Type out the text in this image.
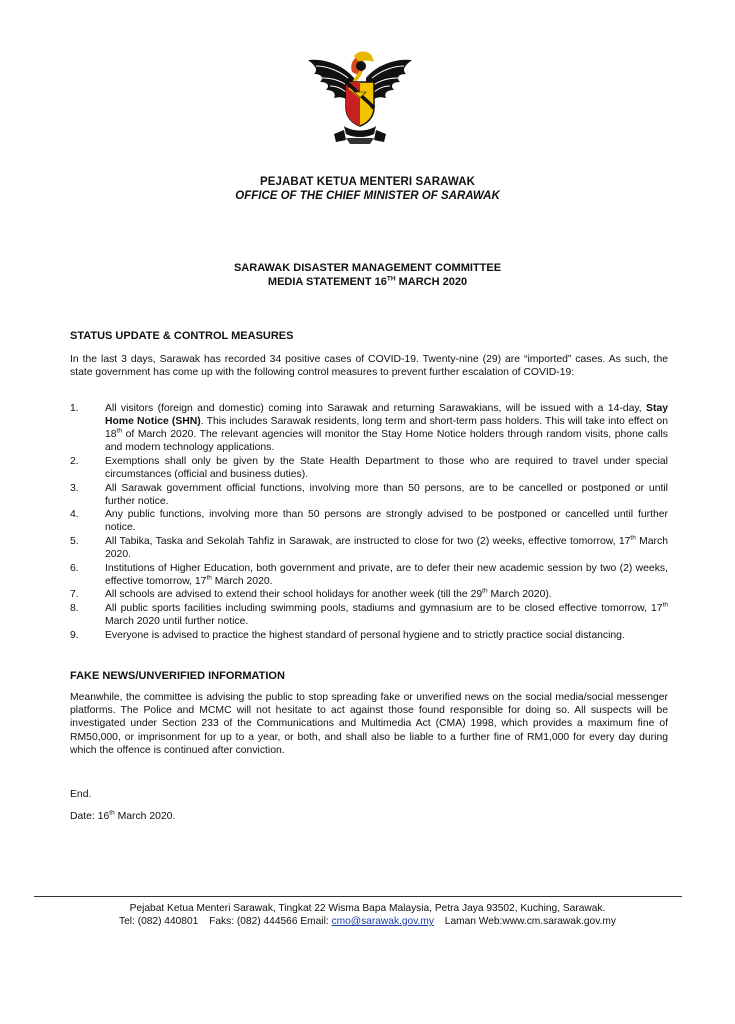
PEJABAT KETUA MENTERI SARAWAK
OFFICE OF THE CHIEF MINISTER OF SARAWAK
SARAWAK DISASTER MANAGEMENT COMMITTEE
MEDIA STATEMENT 16TH MARCH 2020
STATUS UPDATE & CONTROL MEASURES
In the last 3 days, Sarawak has recorded 34 positive cases of COVID-19. Twenty-nine (29) are “imported” cases. As such, the state government has come up with the following control measures to prevent further escalation of COVID-19:
1.	All visitors (foreign and domestic) coming into Sarawak and returning Sarawakians, will be issued with a 14-day, Stay Home Notice (SHN). This includes Sarawak residents, long term and short-term pass holders. This will take into effect on 18th of March 2020. The relevant agencies will monitor the Stay Home Notice holders through random visits, phone calls and modern technology applications.
2.	Exemptions shall only be given by the State Health Department to those who are required to travel under special circumstances (official and business duties).
3.	All Sarawak government official functions, involving more than 50 persons, are to be cancelled or postponed or until further notice.
4.	Any public functions, involving more than 50 persons are strongly advised to be postponed or cancelled until further notice.
5.	All Tabika, Taska and Sekolah Tahfiz in Sarawak, are instructed to close for two (2) weeks, effective tomorrow, 17th March 2020.
6.	Institutions of Higher Education, both government and private, are to defer their new academic session by two (2) weeks, effective tomorrow, 17th March 2020.
7.	All schools are advised to extend their school holidays for another week (till the 29th March 2020).
8.	All public sports facilities including swimming pools, stadiums and gymnasium are to be closed effective tomorrow, 17th March 2020 until further notice.
9.	Everyone is advised to practice the highest standard of personal hygiene and to strictly practice social distancing.
FAKE NEWS/UNVERIFIED INFORMATION
Meanwhile, the committee is advising the public to stop spreading fake or unverified news on the social media/social messenger platforms. The Police and MCMC will not hesitate to act against those found responsible for doing so. All suspects will be investigated under Section 233 of the Communications and Multimedia Act (CMA) 1998, which provides a maximum fine of RM50,000, or imprisonment for up to a year, or both, and shall also be liable to a further fine of RM1,000 for every day during which the offence is continued after conviction.
End.
Date: 16th March 2020.
Pejabat Ketua Menteri Sarawak, Tingkat 22 Wisma Bapa Malaysia, Petra Jaya 93502, Kuching, Sarawak.
Tel: (082) 440801 Faks: (082) 444566 Email: cmo@sarawak.gov.my Laman Web:www.cm.sarawak.gov.my
